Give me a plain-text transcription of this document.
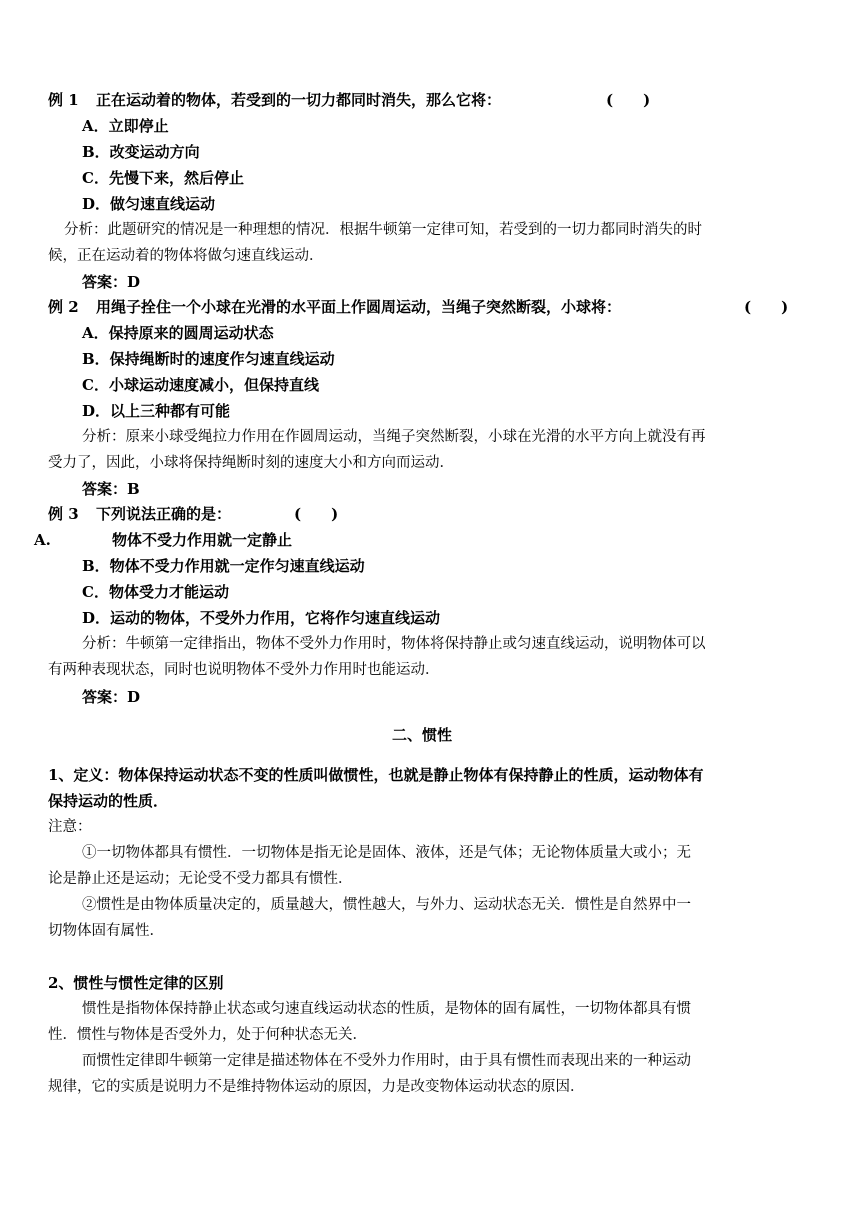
例 1 正在运动着的物体，若受到的一切力都同时消失，那么它将：	(　　)
A．立即停止
B．改变运动方向
C．先慢下来，然后停止
D．做匀速直线运动
分析：此题研究的情况是一种理想的情况．根据牛顿第一定律可知，若受到的一切力都同时消失的时
候，正在运动着的物体将做匀速直线运动．
答案：D
例 2 用绳子拴住一个小球在光滑的水平面上作圆周运动，当绳子突然断裂，小球将：	(　　)
A．保持原来的圆周运动状态
B．保持绳断时的速度作匀速直线运动
C．小球运动速度减小，但保持直线
D．以上三种都有可能
分析：原来小球受绳拉力作用在作圆周运动，当绳子突然断裂，小球在光滑的水平方向上就没有再
受力了，因此，小球将保持绳断时刻的速度大小和方向而运动．
答案：B
例 3 下列说法正确的是：	(　　)
A.	物体不受力作用就一定静止
B．物体不受力作用就一定作匀速直线运动
C．物体受力才能运动
D．运动的物体，不受外力作用，它将作匀速直线运动
分析：牛顿第一定律指出，物体不受外力作用时，物体将保持静止或匀速直线运动，说明物体可以
有两种表现状态，同时也说明物体不受外力作用时也能运动．
答案：D
二、惯性
1、定义：物体保持运动状态不变的性质叫做惯性，也就是静止物体有保持静止的性质，运动物体有
保持运动的性质．
注意：
①一切物体都具有惯性．一切物体是指无论是固体、液体，还是气体；无论物体质量大或小；无
论是静止还是运动；无论受不受力都具有惯性．
②惯性是由物体质量决定的，质量越大，惯性越大，与外力、运动状态无关．惯性是自然界中一
切物体固有属性．
2、惯性与惯性定律的区别
惯性是指物体保持静止状态或匀速直线运动状态的性质，是物体的固有属性，一切物体都具有惯
性．惯性与物体是否受外力，处于何种状态无关．
而惯性定律即牛顿第一定律是描述物体在不受外力作用时，由于具有惯性而表现出来的一种运动
规律，它的实质是说明力不是维持物体运动的原因，力是改变物体运动状态的原因．
